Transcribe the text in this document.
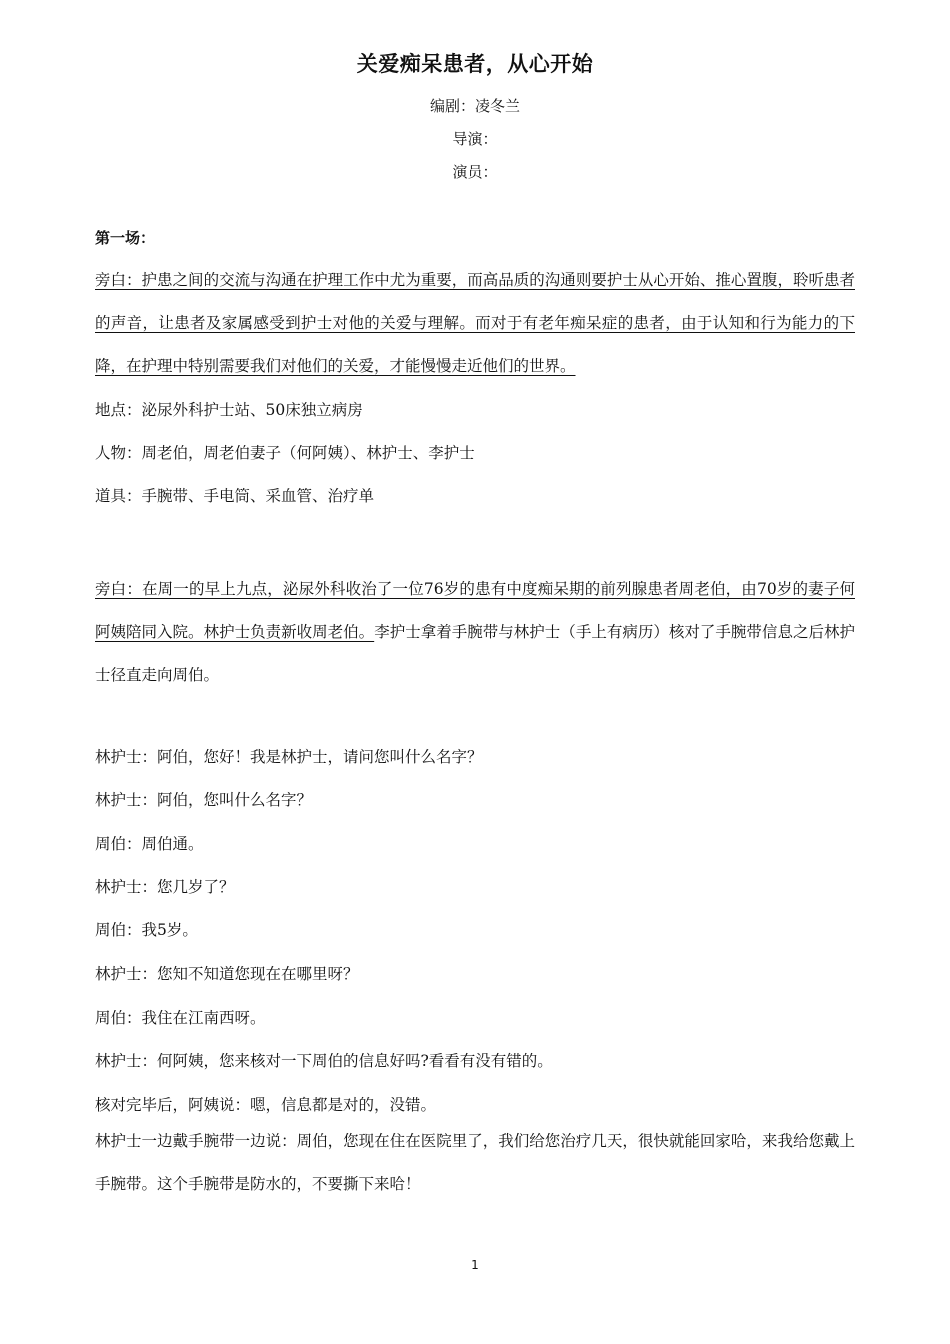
关爱痴呆患者，从心开始
编剧：凌冬兰
导演：
演员：
第一场：
旁白：护患之间的交流与沟通在护理工作中尤为重要，而高品质的沟通则要护士从心开始、推心置腹，聆听患者的声音，让患者及家属感受到护士对他的关爱与理解。而对于有老年痴呆症的患者，由于认知和行为能力的下降，在护理中特别需要我们对他们的关爱，才能慢慢走近他们的世界。
地点：泌尿外科护士站、50床独立病房
人物：周老伯，周老伯妻子（何阿姨）、林护士、李护士
道具：手腕带、手电筒、采血管、治疗单
旁白：在周一的早上九点，泌尿外科收治了一位76岁的患有中度痴呆期的前列腺患者周老伯，由70岁的妻子何阿姨陪同入院。林护士负责新收周老伯。李护士拿着手腕带与林护士（手上有病历）核对了手腕带信息之后林护士径直走向周伯。
林护士：阿伯，您好！我是林护士，请问您叫什么名字？
林护士：阿伯，您叫什么名字？
周伯：周伯通。
林护士：您几岁了？
周伯：我5岁。
林护士：您知不知道您现在在哪里呀？
周伯：我住在江南西呀。
林护士：何阿姨，您来核对一下周伯的信息好吗?看看有没有错的。
核对完毕后，阿姨说：嗯，信息都是对的，没错。
林护士一边戴手腕带一边说：周伯，您现在住在医院里了，我们给您治疗几天，很快就能回家哈，来我给您戴上手腕带。这个手腕带是防水的，不要撕下来哈！
1
